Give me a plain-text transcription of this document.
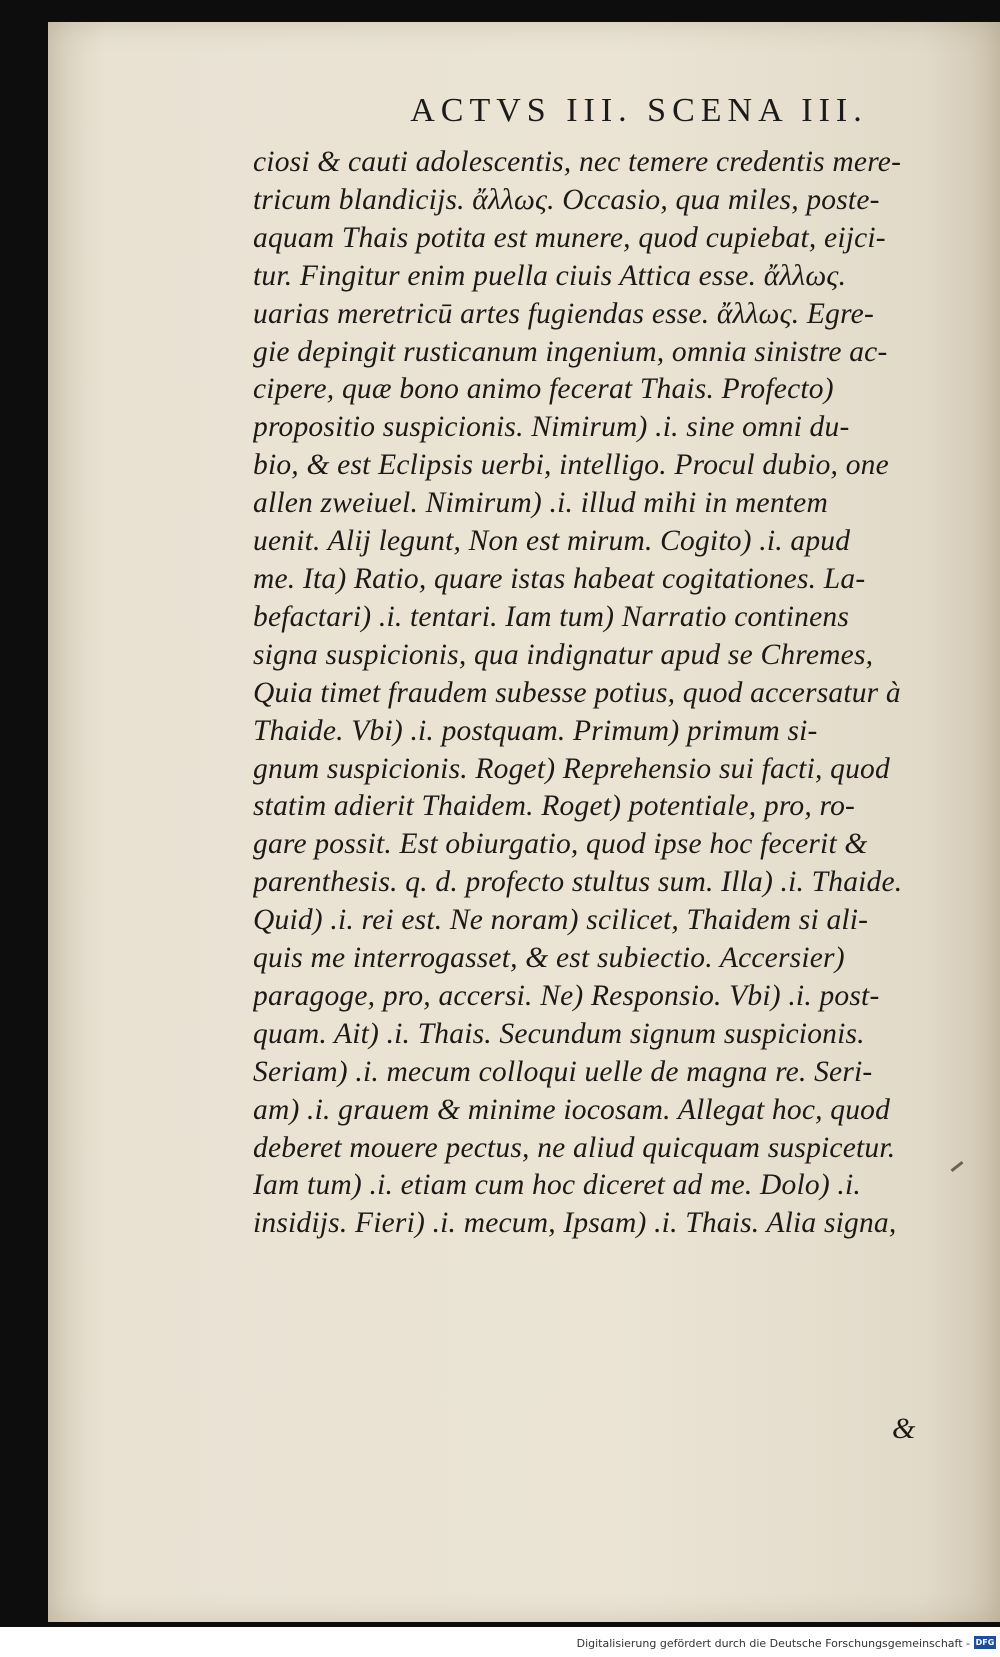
ACTVS III. SCENA III.
ciosi & cauti adolescentis, nec temere credentis mere-
tricum blandicijs. ἄλλως. Occasio, qua miles, poste-
aquam Thais potita est munere, quod cupiebat, eijci-
tur. Fingitur enim puella ciuis Attica esse. ἄλλως.
uarias meretricū artes fugiendas esse. ἄλλως. Egre-
gie depingit rusticanum ingenium, omnia sinistre ac-
cipere, quæ bono animo fecerat Thais. Profecto)
propositio suspicionis. Nimirum) .i. sine omni du-
bio, & est Eclipsis uerbi, intelligo. Procul dubio, one
allen zweiuel. Nimirum) .i. illud mihi in mentem
uenit. Alij legunt, Non est mirum. Cogito) .i. apud
me. Ita) Ratio, quare istas habeat cogitationes. La-
befactari) .i. tentari. Iam tum) Narratio continens
signa suspicionis, qua indignatur apud se Chremes,
Quia timet fraudem subesse potius, quod accersatur à
Thaide. Vbi) .i. postquam. Primum) primum si-
gnum suspicionis. Roget) Reprehensio sui facti, quod
statim adierit Thaidem. Roget) potentiale, pro, ro-
gare possit. Est obiurgatio, quod ipse hoc fecerit &
parenthesis. q. d. profecto stultus sum. Illa) .i. Thaide.
Quid) .i. rei est. Ne noram) scilicet, Thaidem si ali-
quis me interrogasset, & est subiectio. Accersier)
paragoge, pro, accersi. Ne) Responsio. Vbi) .i. post-
quam. Ait) .i. Thais. Secundum signum suspicionis.
Seriam) .i. mecum colloqui uelle de magna re. Seri-
am) .i. grauem & minime iocosam. Allegat hoc, quod
deberet mouere pectus, ne aliud quicquam suspicetur.
Iam tum) .i. etiam cum hoc diceret ad me. Dolo) .i.
insidijs. Fieri) .i. mecum, Ipsam) .i. Thais. Alia signa,
&
Digitalisierung gefördert durch die Deutsche Forschungsgemeinschaft - DFG
